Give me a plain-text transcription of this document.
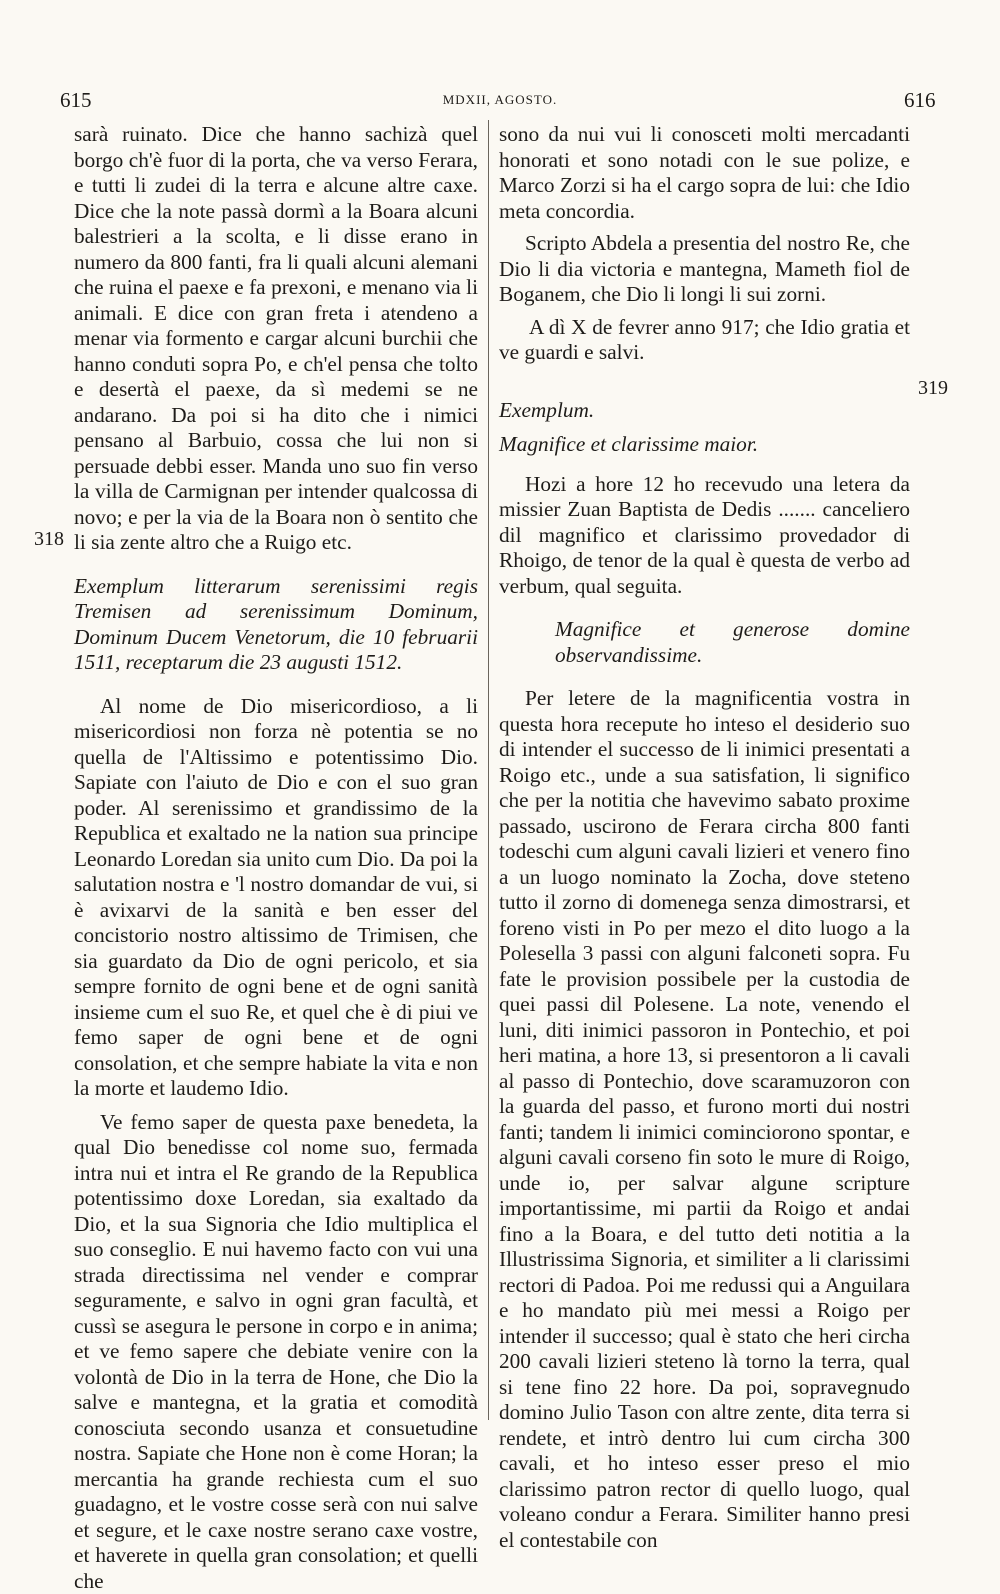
615	MDXII, AGOSTO.	616
318
319

sarà ruinato. Dice che hanno sachizà quel borgo ch'è fuor di la porta, che va verso Ferara, e tutti li zudei di la terra e alcune altre caxe. Dice che la note passà dormì a la Boara alcuni balestrieri a la scolta, e li disse erano in numero da 800 fanti, fra li quali alcuni alemani che ruina el paexe e fa prexoni, e menano via li animali. E dice con gran freta i atendeno a menar via formento e cargar alcuni burchii che hanno conduti sopra Po, e ch'el pensa che tolto e desertà el paexe, da sì medemi se ne andarano. Da poi si ha dito che i nimici pensano al Barbuio, cossa che lui non si persuade debbi esser. Manda uno suo fin verso la villa de Carmignan per intender qualcossa di novo; e per la via de la Boara non ò sentito che li sia zente altro che a Ruigo etc.

Exemplum litterarum serenissimi regis Tremisen ad serenissimum Dominum, Dominum Ducem Venetorum, die 10 februarii 1511, receptarum die 23 augusti 1512.

Al nome de Dio misericordioso, a li misericordiosi non forza nè potentia se no quella de l'Altissimo e potentissimo Dio. Sapiate con l'aiuto de Dio e con el suo gran poder. Al serenissimo et grandissimo de la Republica et exaltado ne la nation sua principe Leonardo Loredan sia unito cum Dio. Da poi la salutation nostra e 'l nostro domandar de vui, si è avixarvi de la sanità e ben esser del concistorio nostro altissimo de Trimisen, che sia guardato da Dio de ogni pericolo, et sia sempre fornito de ogni bene et de ogni sanità insieme cum el suo Re, et quel che è di piui ve femo saper de ogni bene et de ogni consolation, et che sempre habiate la vita e non la morte et laudemo Idio.

Ve femo saper de questa paxe benedeta, la qual Dio benedisse col nome suo, fermada intra nui et intra el Re grando de la Republica potentissimo doxe Loredan, sia exaltado da Dio, et la sua Signoria che Idio multiplica el suo conseglio. E nui havemo facto con vui una strada directissima nel vender e comprar seguramente, e salvo in ogni gran facultà, et cussì se asegura le persone in corpo e in anima; et ve femo sapere che debiate venire con la volontà de Dio in la terra de Hone, che Dio la salve e mantegna, et la gratia et comodità conosciuta secondo usanza et consuetudine nostra. Sapiate che Hone non è come Horan; la mercantia ha grande rechiesta cum el suo guadagno, et le vostre cosse serà con nui salve et segure, et le caxe nostre serano caxe vostre, et haverete in quella gran consolation; et quelli che

sono da nui vui li conosceti molti mercadanti honorati et sono notadi con le sue polize, e Marco Zorzi si ha el cargo sopra de lui: che Idio meta concordia.

Scripto Abdela a presentia del nostro Re, che Dio li dia victoria e mantegna, Mameth fiol de Boganem, che Dio li longi li sui zorni.

A dì X de fevrer anno 917; che Idio gratia et ve guardi e salvi.

Exemplum.

Magnifice et clarissime maior.

Hozi a hore 12 ho recevudo una letera da missier Zuan Baptista de Dedis ....... canceliero dil magnifico et clarissimo provedador di Rhoigo, de tenor de la qual è questa de verbo ad verbum, qual seguita.

Magnifice et generose domine observandissime.

Per letere de la magnificentia vostra in questa hora recepute ho inteso el desiderio suo di intender el successo de li inimici presentati a Roigo etc., unde a sua satisfation, li significo che per la notitia che havevimo sabato proxime passado, uscirono de Ferara circha 800 fanti todeschi cum alguni cavali lizieri et venero fino a un luogo nominato la Zocha, dove steteno tutto il zorno di domenega senza dimostrarsi, et foreno visti in Po per mezo el dito luogo a la Polesella 3 passi con alguni falconeti sopra. Fu fate le provision possibele per la custodia de quei passi dil Polesene. La note, venendo el luni, diti inimici passoron in Pontechio, et poi heri matina, a hore 13, si presentoron a li cavali al passo di Pontechio, dove scaramuzoron con la guarda del passo, et furono morti dui nostri fanti; tandem li inimici cominciorono spontar, e alguni cavali corseno fin soto le mure di Roigo, unde io, per salvar algune scripture importantissime, mi partii da Roigo et andai fino a la Boara, e del tutto deti notitia a la Illustrissima Signoria, et similiter a li clarissimi rectori di Padoa. Poi me redussi qui a Anguilara e ho mandato più mei messi a Roigo per intender il successo; qual è stato che heri circha 200 cavali lizieri steteno là torno la terra, qual si tene fino 22 hore. Da poi, sopravegnudo domino Julio Tason con altre zente, dita terra si rendete, et intrò dentro lui cum circha 300 cavali, et ho inteso esser preso el mio clarissimo patron rector di quello luogo, qual voleano condur a Ferara. Similiter hanno presi el contestabile con
